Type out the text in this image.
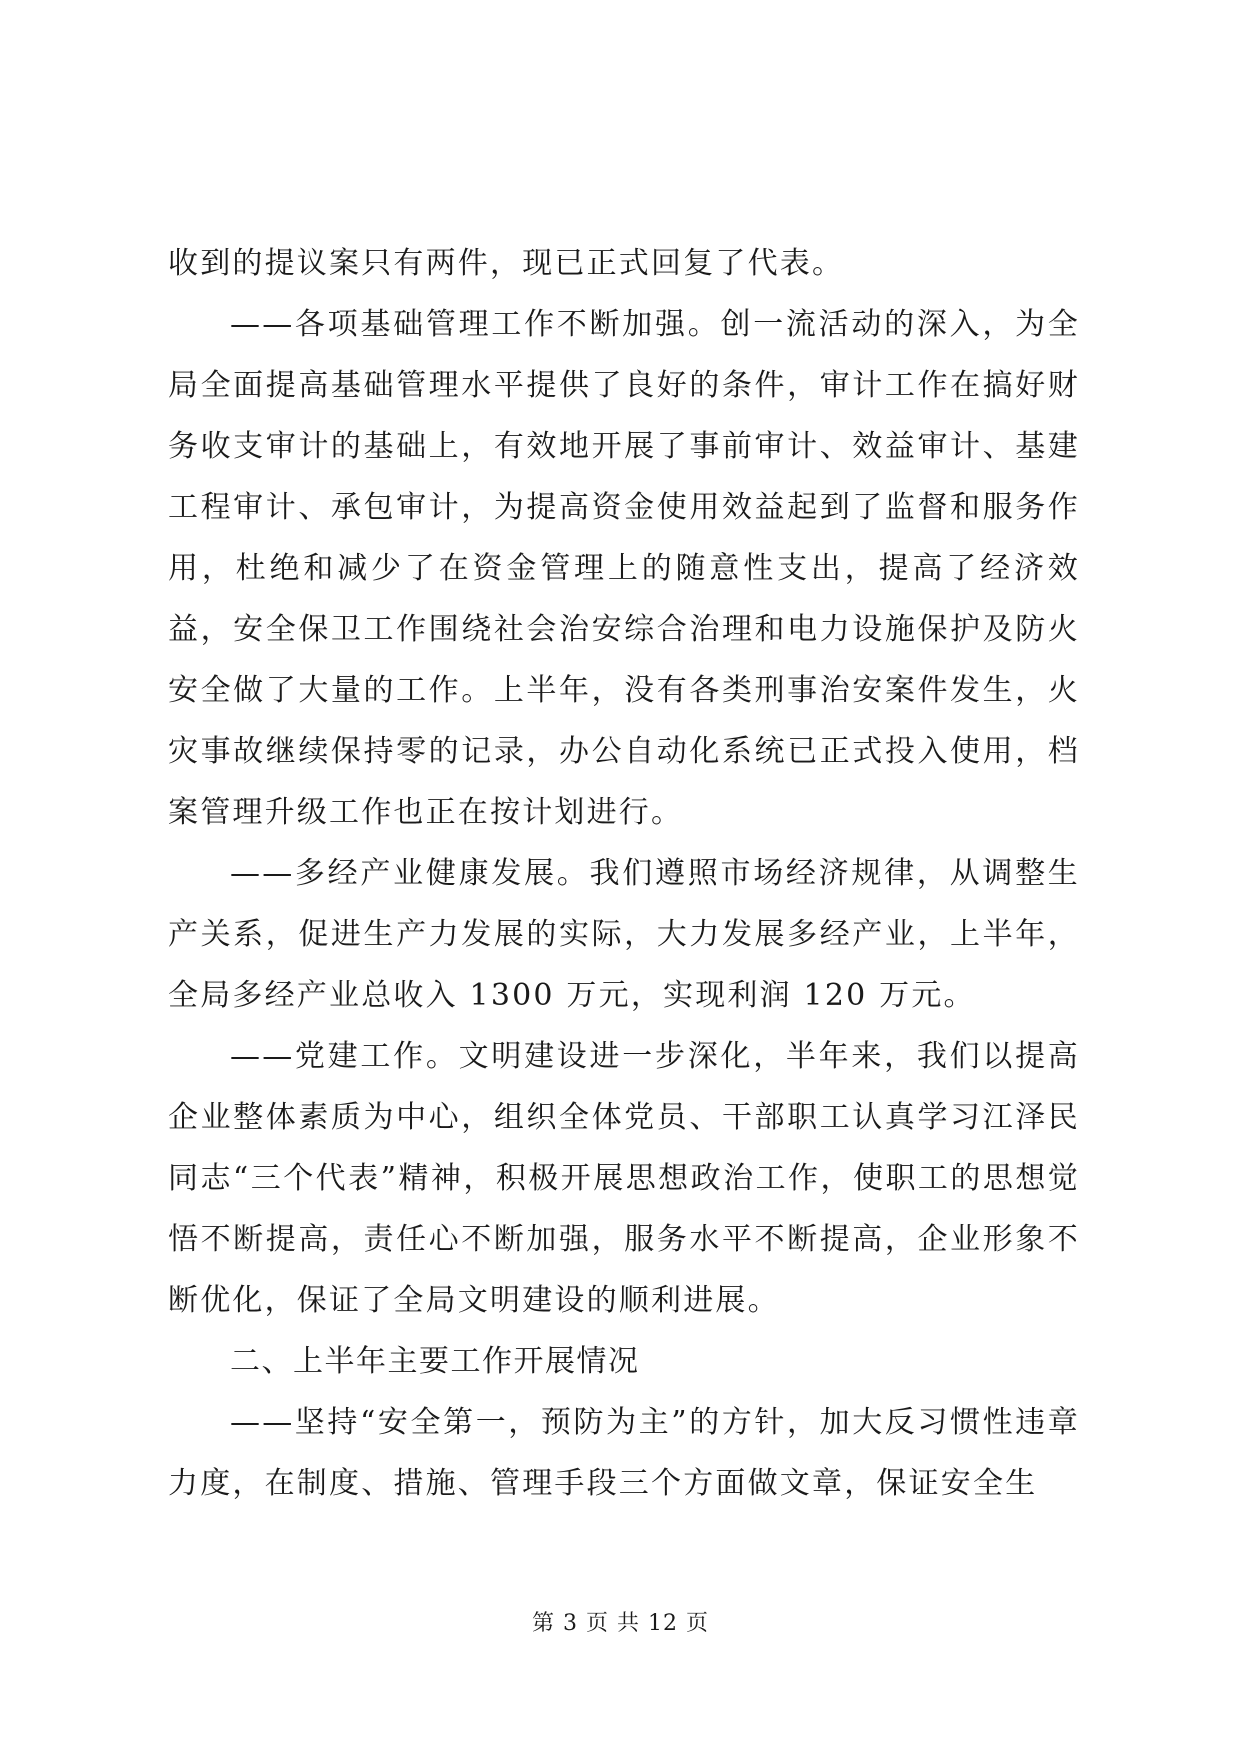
收到的提议案只有两件，现已正式回复了代表。

——各项基础管理工作不断加强。创一流活动的深入，为全局全面提高基础管理水平提供了良好的条件，审计工作在搞好财务收支审计的基础上，有效地开展了事前审计、效益审计、基建工程审计、承包审计，为提高资金使用效益起到了监督和服务作用，杜绝和减少了在资金管理上的随意性支出，提高了经济效益，安全保卫工作围绕社会治安综合治理和电力设施保护及防火安全做了大量的工作。上半年，没有各类刑事治安案件发生，火灾事故继续保持零的记录，办公自动化系统已正式投入使用，档案管理升级工作也正在按计划进行。

——多经产业健康发展。我们遵照市场经济规律，从调整生产关系，促进生产力发展的实际，大力发展多经产业，上半年，全局多经产业总收入 1300 万元，实现利润 120 万元。

——党建工作。文明建设进一步深化，半年来，我们以提高企业整体素质为中心，组织全体党员、干部职工认真学习江泽民同志“三个代表”精神，积极开展思想政治工作，使职工的思想觉悟不断提高，责任心不断加强，服务水平不断提高，企业形象不断优化，保证了全局文明建设的顺利进展。

二、上半年主要工作开展情况

——坚持“安全第一，预防为主”的方针，加大反习惯性违章力度，在制度、措施、管理手段三个方面做文章，保证安全生

第 3 页 共 12 页
